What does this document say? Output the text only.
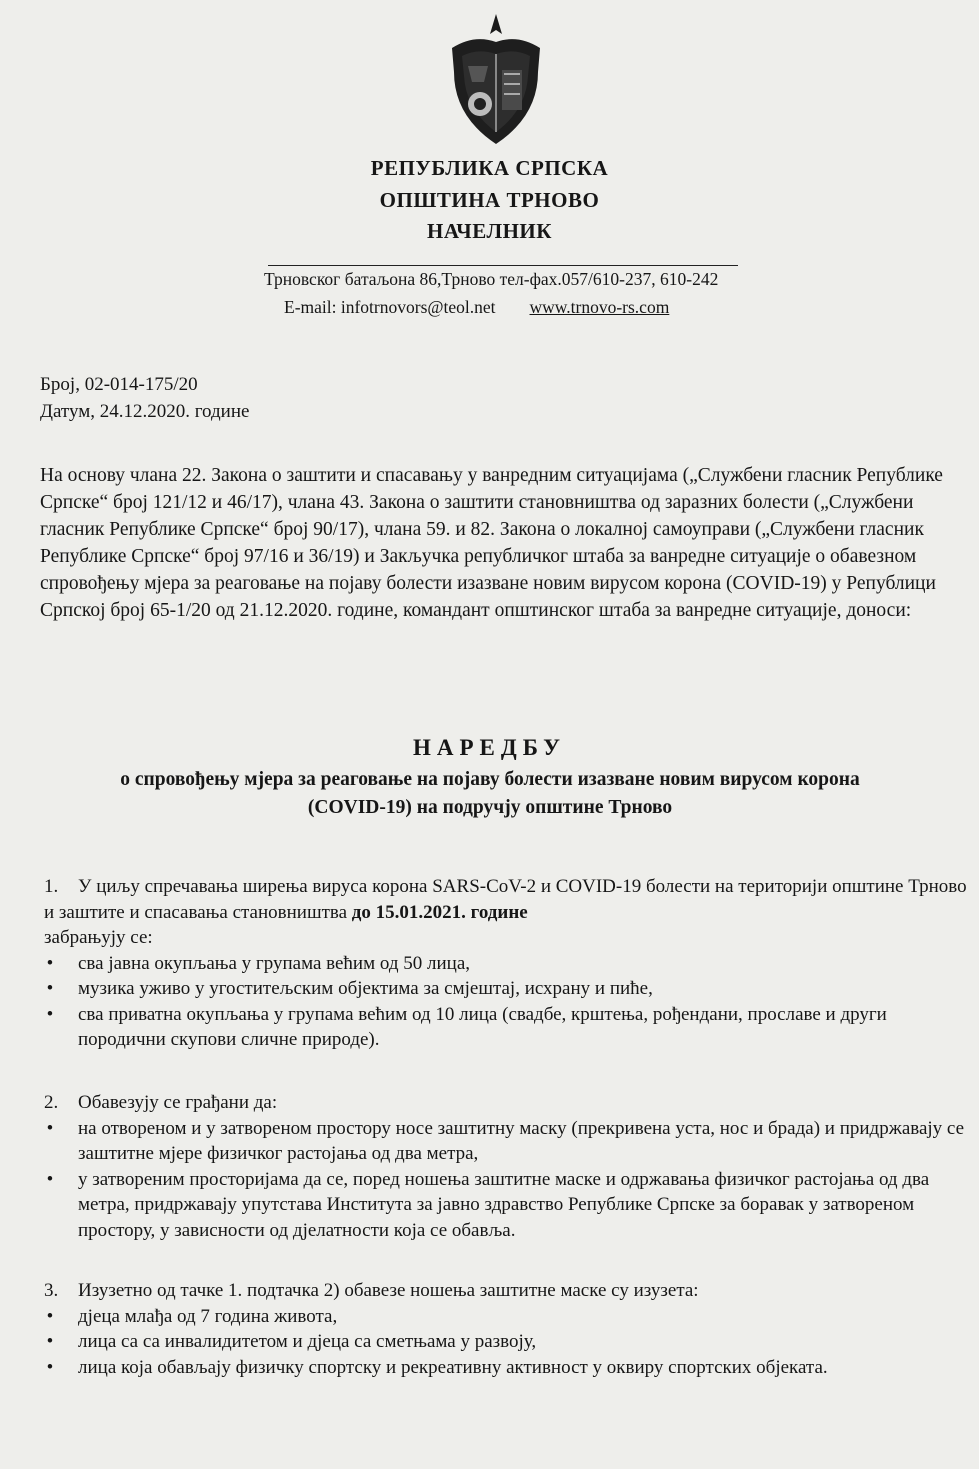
РЕПУБЛИКА СРПСКА
ОПШТИНА ТРНОВО
НАЧЕЛНИК
Трновског батаљона 86,Трново тел-фах.057/610-237, 610-242
E-mail: infotrnovors@teol.net www.trnovo-rs.com
Број, 02-014-175/20
Датум, 24.12.2020. године
На основу члана 22. Закона о заштити и спасавању у ванредним ситуацијама („Службени гласник Републике Српске“ број 121/12 и 46/17), члана 43. Закона о заштити становништва од заразних болести („Службени гласник Републике Српске“ број 90/17), члана 59. и 82. Закона о локалној самоуправи („Службени гласник Републике Српске“ број 97/16 и 36/19) и Закључка републичког штаба за ванредне ситуације о обавезном спровођењу мјера за реаговање на појаву болести изазване новим вирусом корона (COVID-19) у Републици Српској број 65-1/20 од 21.12.2020. године, командант општинског штаба за ванредне ситуације, доноси:
НАРЕДБУ
о спровођењу мјера за реаговање на појаву болести изазване новим вирусом корона (COVID-19) на подручју општине Трново
1. У циљу спречавања ширења вируса корона SARS-CoV-2 и COVID-19 болести на територији општине Трново и заштите и спасавања становништва до 15.01.2021. године
забрањују се:
•	сва јавна окупљања у групама већим од 50 лица,
•	музика уживо у угоститељским објектима за смјештај, исхрану и пиће,
•	сва приватна окупљања у групама већим од 10 лица (свадбе, крштења, рођендани, прославе и други породични скупови сличне природе).
2. Обавезују се грађани да:
•	на отвореном и у затвореном простору носе заштитну маску (прекривена уста, нос и брада) и придржавају се заштитне мјере физичког растојања од два метра,
•	у затвореним просторијама да се, поред ношења заштитне маске и одржавања физичког растојања од два метра, придржавају упутстава Института за јавно здравство Републике Српске за боравак у затвореном простору, у зависности од дјелатности која се обавља.
3. Изузетно од тачке 1. подтачка 2) обавезе ношења заштитне маске су изузета:
•	дјеца млађа од 7 година живота,
•	лица са са инвалидитетом и дјеца са сметњама у развоју,
•	лица која обављају физичку спортску и рекреативну активност у оквиру спортских објеката.
